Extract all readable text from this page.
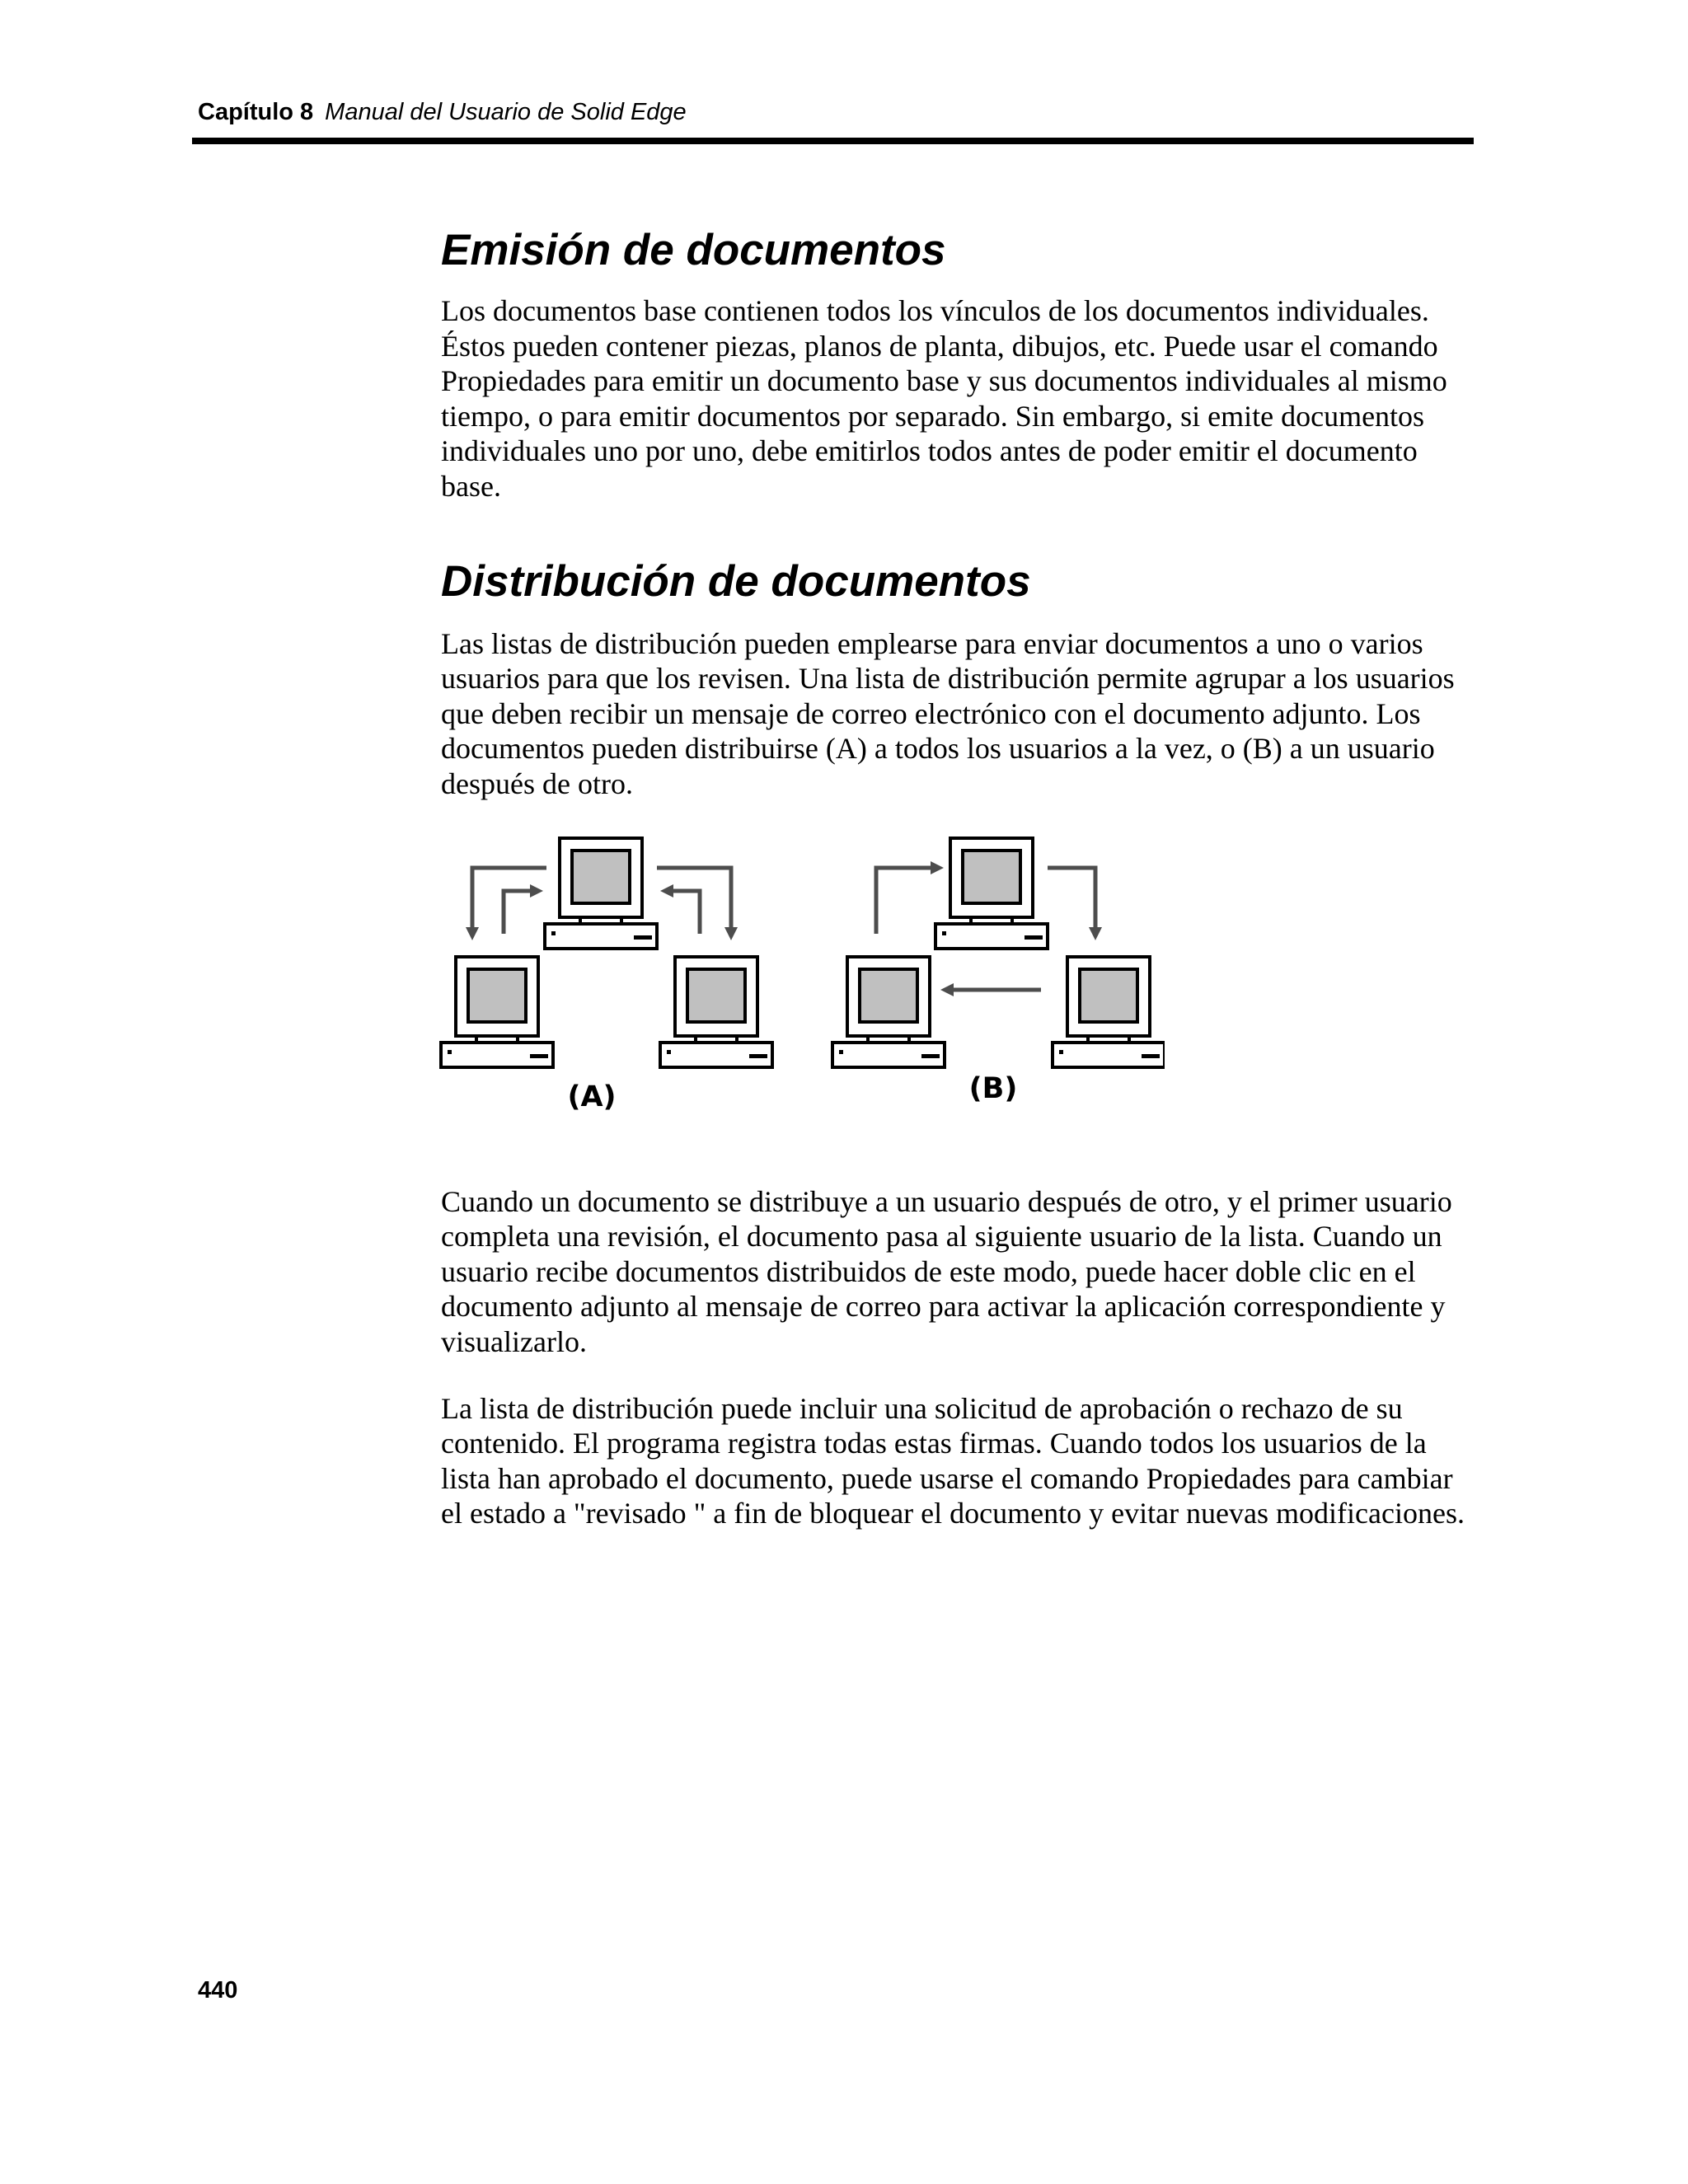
Capítulo 8 Manual del Usuario de Solid Edge
Emisión de documentos

Los documentos base contienen todos los vínculos de los documentos individuales. Éstos pueden contener piezas, planos de planta, dibujos, etc. Puede usar el comando Propiedades para emitir un documento base y sus documentos individuales al mismo tiempo, o para emitir documentos por separado. Sin embargo, si emite documentos individuales uno por uno, debe emitirlos todos antes de poder emitir el documento base.

Distribución de documentos

Las listas de distribución pueden emplearse para enviar documentos a uno o varios usuarios para que los revisen. Una lista de distribución permite agrupar a los usuarios que deben recibir un mensaje de correo electrónico con el documento adjunto. Los documentos pueden distribuirse (A) a todos los usuarios a la vez, o (B) a un usuario después de otro.

(A)	(B)

Cuando un documento se distribuye a un usuario después de otro, y el primer usuario completa una revisión, el documento pasa al siguiente usuario de la lista. Cuando un usuario recibe documentos distribuidos de este modo, puede hacer doble clic en el documento adjunto al mensaje de correo para activar la aplicación correspondiente y visualizarlo.

La lista de distribución puede incluir una solicitud de aprobación o rechazo de su contenido. El programa registra todas estas firmas. Cuando todos los usuarios de la lista han aprobado el documento, puede usarse el comando Propiedades para cambiar el estado a "revisado " a fin de bloquear el documento y evitar nuevas modificaciones.

440
